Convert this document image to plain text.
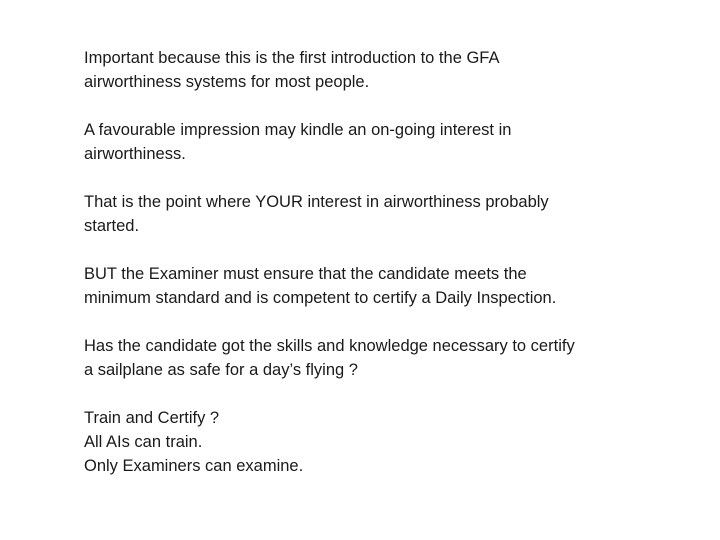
Important because this is the first introduction to the GFA
airworthiness systems for most people.

A favourable impression may kindle an on-going interest in
airworthiness.

That is the point where YOUR interest in airworthiness probably
started.

BUT the Examiner must ensure that the candidate meets the
minimum standard and is competent to certify a Daily Inspection.

Has the candidate got the skills and knowledge necessary to certify
a sailplane as safe for a day’s flying ?

Train and Certify ?
All AIs can train.
Only Examiners can examine.
